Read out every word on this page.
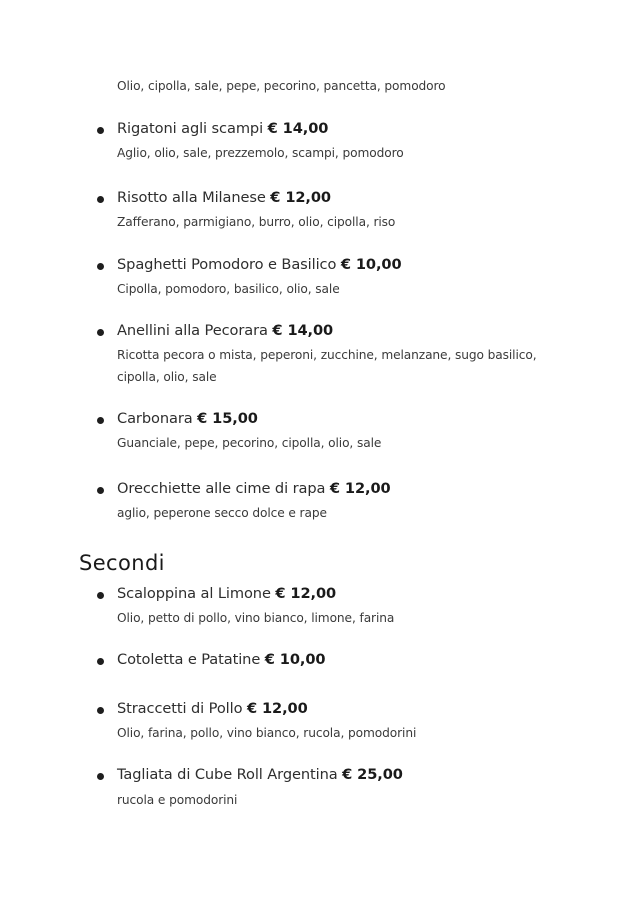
Olio, cipolla, sale, pepe, pecorino, pancetta, pomodoro
Rigatoni agli scampi € 14,00
Aglio, olio, sale, prezzemolo, scampi, pomodoro
Risotto alla Milanese € 12,00
Zafferano, parmigiano, burro, olio, cipolla, riso
Spaghetti Pomodoro e Basilico € 10,00
Cipolla, pomodoro, basilico, olio, sale
Anellini alla Pecorara € 14,00
Ricotta pecora o mista, peperoni, zucchine, melanzane, sugo basilico,
cipolla, olio, sale
Carbonara € 15,00
Guanciale, pepe, pecorino, cipolla, olio, sale
Orecchiette alle cime di rapa € 12,00
aglio, peperone secco dolce e rape
Secondi
Scaloppina al Limone € 12,00
Olio, petto di pollo, vino bianco, limone, farina
Cotoletta e Patatine € 10,00
Straccetti di Pollo € 12,00
Olio, farina, pollo, vino bianco, rucola, pomodorini
Tagliata di Cube Roll Argentina € 25,00
rucola e pomodorini
